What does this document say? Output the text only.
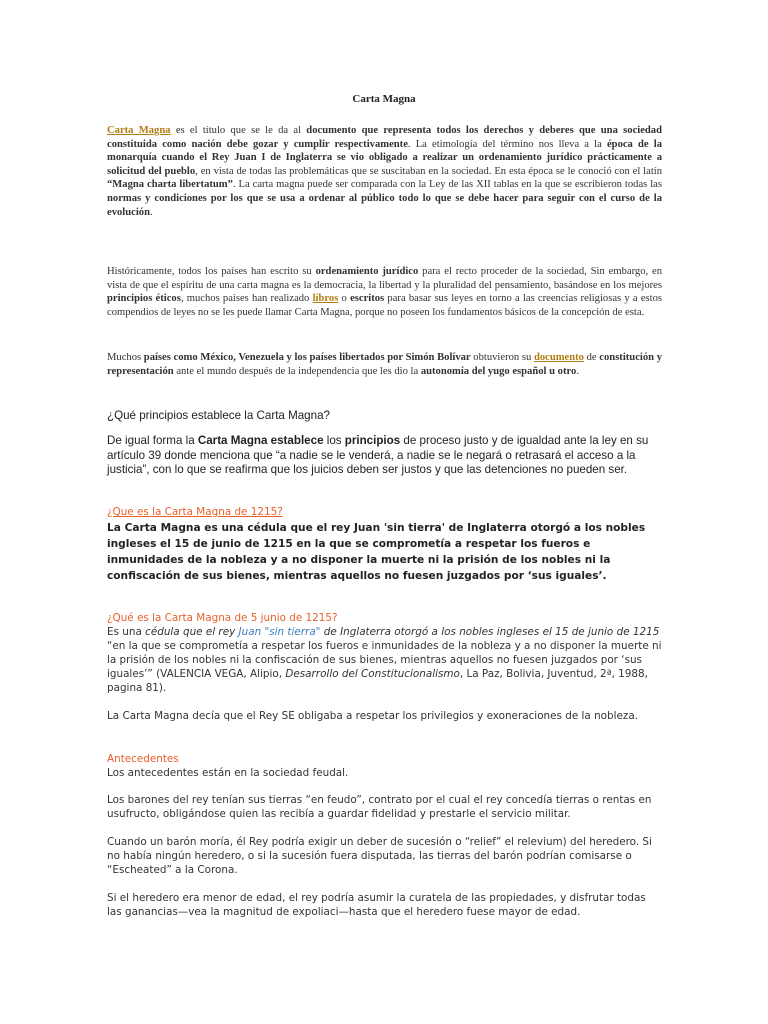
Carta Magna

Carta Magna es el título que se le da al documento que representa todos los derechos y deberes que una sociedad constituida como nación debe gozar y cumplir respectivamente. La etimología del término nos lleva a la época de la monarquía cuando el Rey Juan I de Inglaterra se vio obligado a realizar un ordenamiento jurídico prácticamente a solicitud del pueblo, en vista de todas las problemáticas que se suscitaban en la sociedad. En esta época se le conoció con el latín “Magna charta libertatum”. La carta magna puede ser comparada con la Ley de las XII tablas en la que se escribieron todas las normas y condiciones por los que se usa a ordenar al público todo lo que se debe hacer para seguir con el curso de la evolución.

Históricamente, todos los países han escrito su ordenamiento jurídico para el recto proceder de la sociedad, Sin embargo, en vista de que el espíritu de una carta magna es la democracia, la libertad y la pluralidad del pensamiento, basándose en los mejores principios éticos, muchos países han realizado libros o escritos para basar sus leyes en torno a las creencias religiosas y a estos compendios de leyes no se les puede llamar Carta Magna, porque no poseen los fundamentos básicos de la concepción de esta.

Muchos países como México, Venezuela y los países libertados por Simón Bolívar obtuvieron su documento de constitución y representación ante el mundo después de la independencia que les dio la autonomía del yugo español u otro.

¿Qué principios establece la Carta Magna?

De igual forma la Carta Magna establece los principios de proceso justo y de igualdad ante la ley en su artículo 39 donde menciona que “a nadie se le venderá, a nadie se le negará o retrasará el acceso a la justicia”, con lo que se reafirma que los juicios deben ser justos y que las detenciones no pueden ser.

¿Que es la Carta Magna de 1215?

La Carta Magna es una cédula que el rey Juan 'sin tierra' de Inglaterra otorgó a los nobles ingleses el 15 de junio de 1215 en la que se comprometía a respetar los fueros e inmunidades de la nobleza y a no disponer la muerte ni la prisión de los nobles ni la confiscación de sus bienes, mientras aquellos no fuesen juzgados por ‘sus iguales’.

¿Qué es la Carta Magna de 5 junio de 1215?

Es una cédula que el rey Juan "sin tierra" de Inglaterra otorgó a los nobles ingleses el 15 de junio de 1215 “en la que se comprometía a respetar los fueros e inmunidades de la nobleza y a no disponer la muerte ni la prisión de los nobles ni la confiscación de sus bienes, mientras aquellos no fuesen juzgados por ‘sus iguales’” (VALENCIA VEGA, Alipio, Desarrollo del Constitucionalismo, La Paz, Bolivia, Juventud, 2ª, 1988, pagina 81).

La Carta Magna decía que el Rey SE obligaba a respetar los privilegios y exoneraciones de la nobleza.

Antecedentes

Los antecedentes están en la sociedad feudal.

Los barones del rey tenían sus tierras “en feudo”, contrato por el cual el rey concedía tierras o rentas en usufructo, obligándose quien las recibía a guardar fidelidad y prestarle el servicio militar.

Cuando un barón moría, él Rey podría exigir un deber de sucesión o “relief” el relevium) del heredero. Si no había ningún heredero, o si la sucesión fuera disputada, las tierras del barón podrían comisarse o “Escheated” a la Corona.

Si el heredero era menor de edad, el rey podría asumir la curatela de las propiedades, y disfrutar todas las ganancias—vea la magnitud de expoliaci—hasta que el heredero fuese mayor de edad.
